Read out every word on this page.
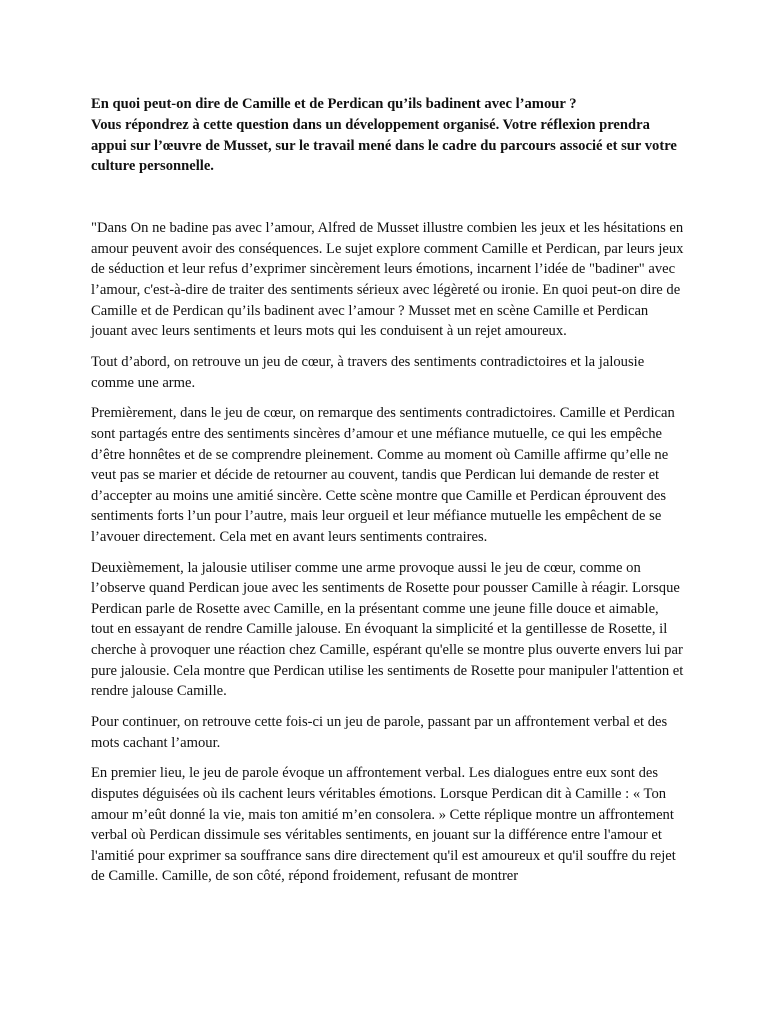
En quoi peut-on dire de Camille et de Perdican qu’ils badinent avec l’amour ?

Vous répondrez à cette question dans un développement organisé. Votre réflexion prendra appui sur l’œuvre de Musset, sur le travail mené dans le cadre du parcours associé et sur votre culture personnelle.

"Dans On ne badine pas avec l’amour, Alfred de Musset illustre combien les jeux et les hésitations en amour peuvent avoir des conséquences. Le sujet explore comment Camille et Perdican, par leurs jeux de séduction et leur refus d’exprimer sincèrement leurs émotions, incarnent l’idée de "badiner" avec l’amour, c'est-à-dire de traiter des sentiments sérieux avec légèreté ou ironie. En quoi peut-on dire de Camille et de Perdican qu’ils badinent avec l’amour ? Musset met en scène Camille et Perdican jouant avec leurs sentiments et leurs mots qui les conduisent à un rejet amoureux.

Tout d’abord, on retrouve un jeu de cœur, à travers des sentiments contradictoires et la jalousie comme une arme.

Premièrement, dans le jeu de cœur, on remarque des sentiments contradictoires. Camille et Perdican sont partagés entre des sentiments sincères d’amour et une méfiance mutuelle, ce qui les empêche d’être honnêtes et de se comprendre pleinement. Comme au moment où Camille affirme qu’elle ne veut pas se marier et décide de retourner au couvent, tandis que Perdican lui demande de rester et d’accepter au moins une amitié sincère. Cette scène montre que Camille et Perdican éprouvent des sentiments forts l’un pour l’autre, mais leur orgueil et leur méfiance mutuelle les empêchent de se l’avouer directement. Cela met en avant leurs sentiments contraires.

Deuxièmement, la jalousie utiliser comme une arme provoque aussi le jeu de cœur, comme on l’observe quand Perdican joue avec les sentiments de Rosette pour pousser Camille à réagir. Lorsque Perdican parle de Rosette avec Camille, en la présentant comme une jeune fille douce et aimable, tout en essayant de rendre Camille jalouse. En évoquant la simplicité et la gentillesse de Rosette, il cherche à provoquer une réaction chez Camille, espérant qu'elle se montre plus ouverte envers lui par pure jalousie. Cela montre que Perdican utilise les sentiments de Rosette pour manipuler l'attention et rendre jalouse Camille.

Pour continuer, on retrouve cette fois-ci un jeu de parole, passant par un affrontement verbal et des mots cachant l’amour.

En premier lieu, le jeu de parole évoque un affrontement verbal. Les dialogues entre eux sont des disputes déguisées où ils cachent leurs véritables émotions. Lorsque Perdican dit à Camille : « Ton amour m’eût donné la vie, mais ton amitié m’en consolera. » Cette réplique montre un affrontement verbal où Perdican dissimule ses véritables sentiments, en jouant sur la différence entre l'amour et l'amitié pour exprimer sa souffrance sans dire directement qu'il est amoureux et qu'il souffre du rejet de Camille. Camille, de son côté, répond froidement, refusant de montrer
